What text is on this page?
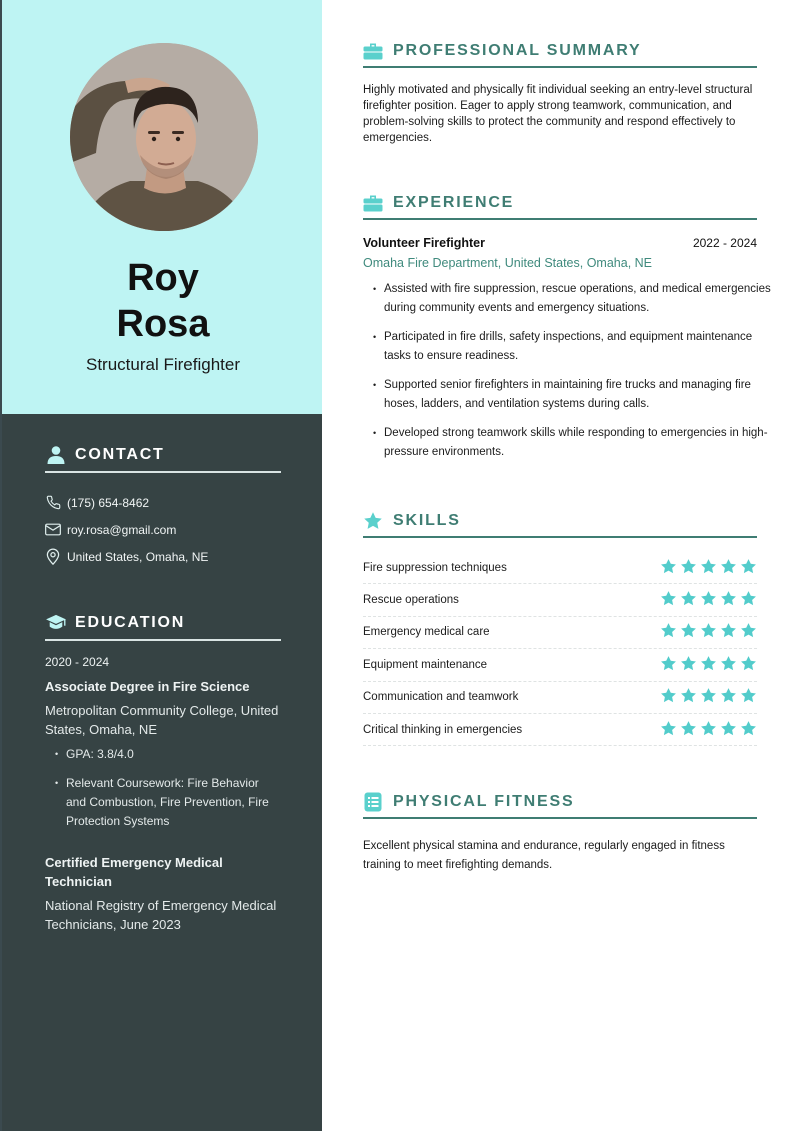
Roy
Rosa
Structural Firefighter
CONTACT
(175) 654-8462
roy.rosa@gmail.com
United States, Omaha, NE
EDUCATION
2020 - 2024
Associate Degree in Fire Science
Metropolitan Community College, United States, Omaha, NE
• GPA: 3.8/4.0
• Relevant Coursework: Fire Behavior and Combustion, Fire Prevention, Fire Protection Systems
Certified Emergency Medical Technician
National Registry of Emergency Medical Technicians, June 2023
PROFESSIONAL SUMMARY

Highly motivated and physically fit individual seeking an entry-level structural firefighter position. Eager to apply strong teamwork, communication, and problem-solving skills to protect the community and respond effectively to emergencies.

EXPERIENCE
Volunteer Firefighter	2022 - 2024
Omaha Fire Department, United States, Omaha, NE
• Assisted with fire suppression, rescue operations, and medical emergencies during community events and emergency situations.
• Participated in fire drills, safety inspections, and equipment maintenance tasks to ensure readiness.
• Supported senior firefighters in maintaining fire trucks and managing fire hoses, ladders, and ventilation systems during calls.
• Developed strong teamwork skills while responding to emergencies in high-pressure environments.
SKILLS
Fire suppression techniques
Rescue operations
Emergency medical care
Equipment maintenance
Communication and teamwork
Critical thinking in emergencies
PHYSICAL FITNESS

Excellent physical stamina and endurance, regularly engaged in fitness training to meet firefighting demands.
